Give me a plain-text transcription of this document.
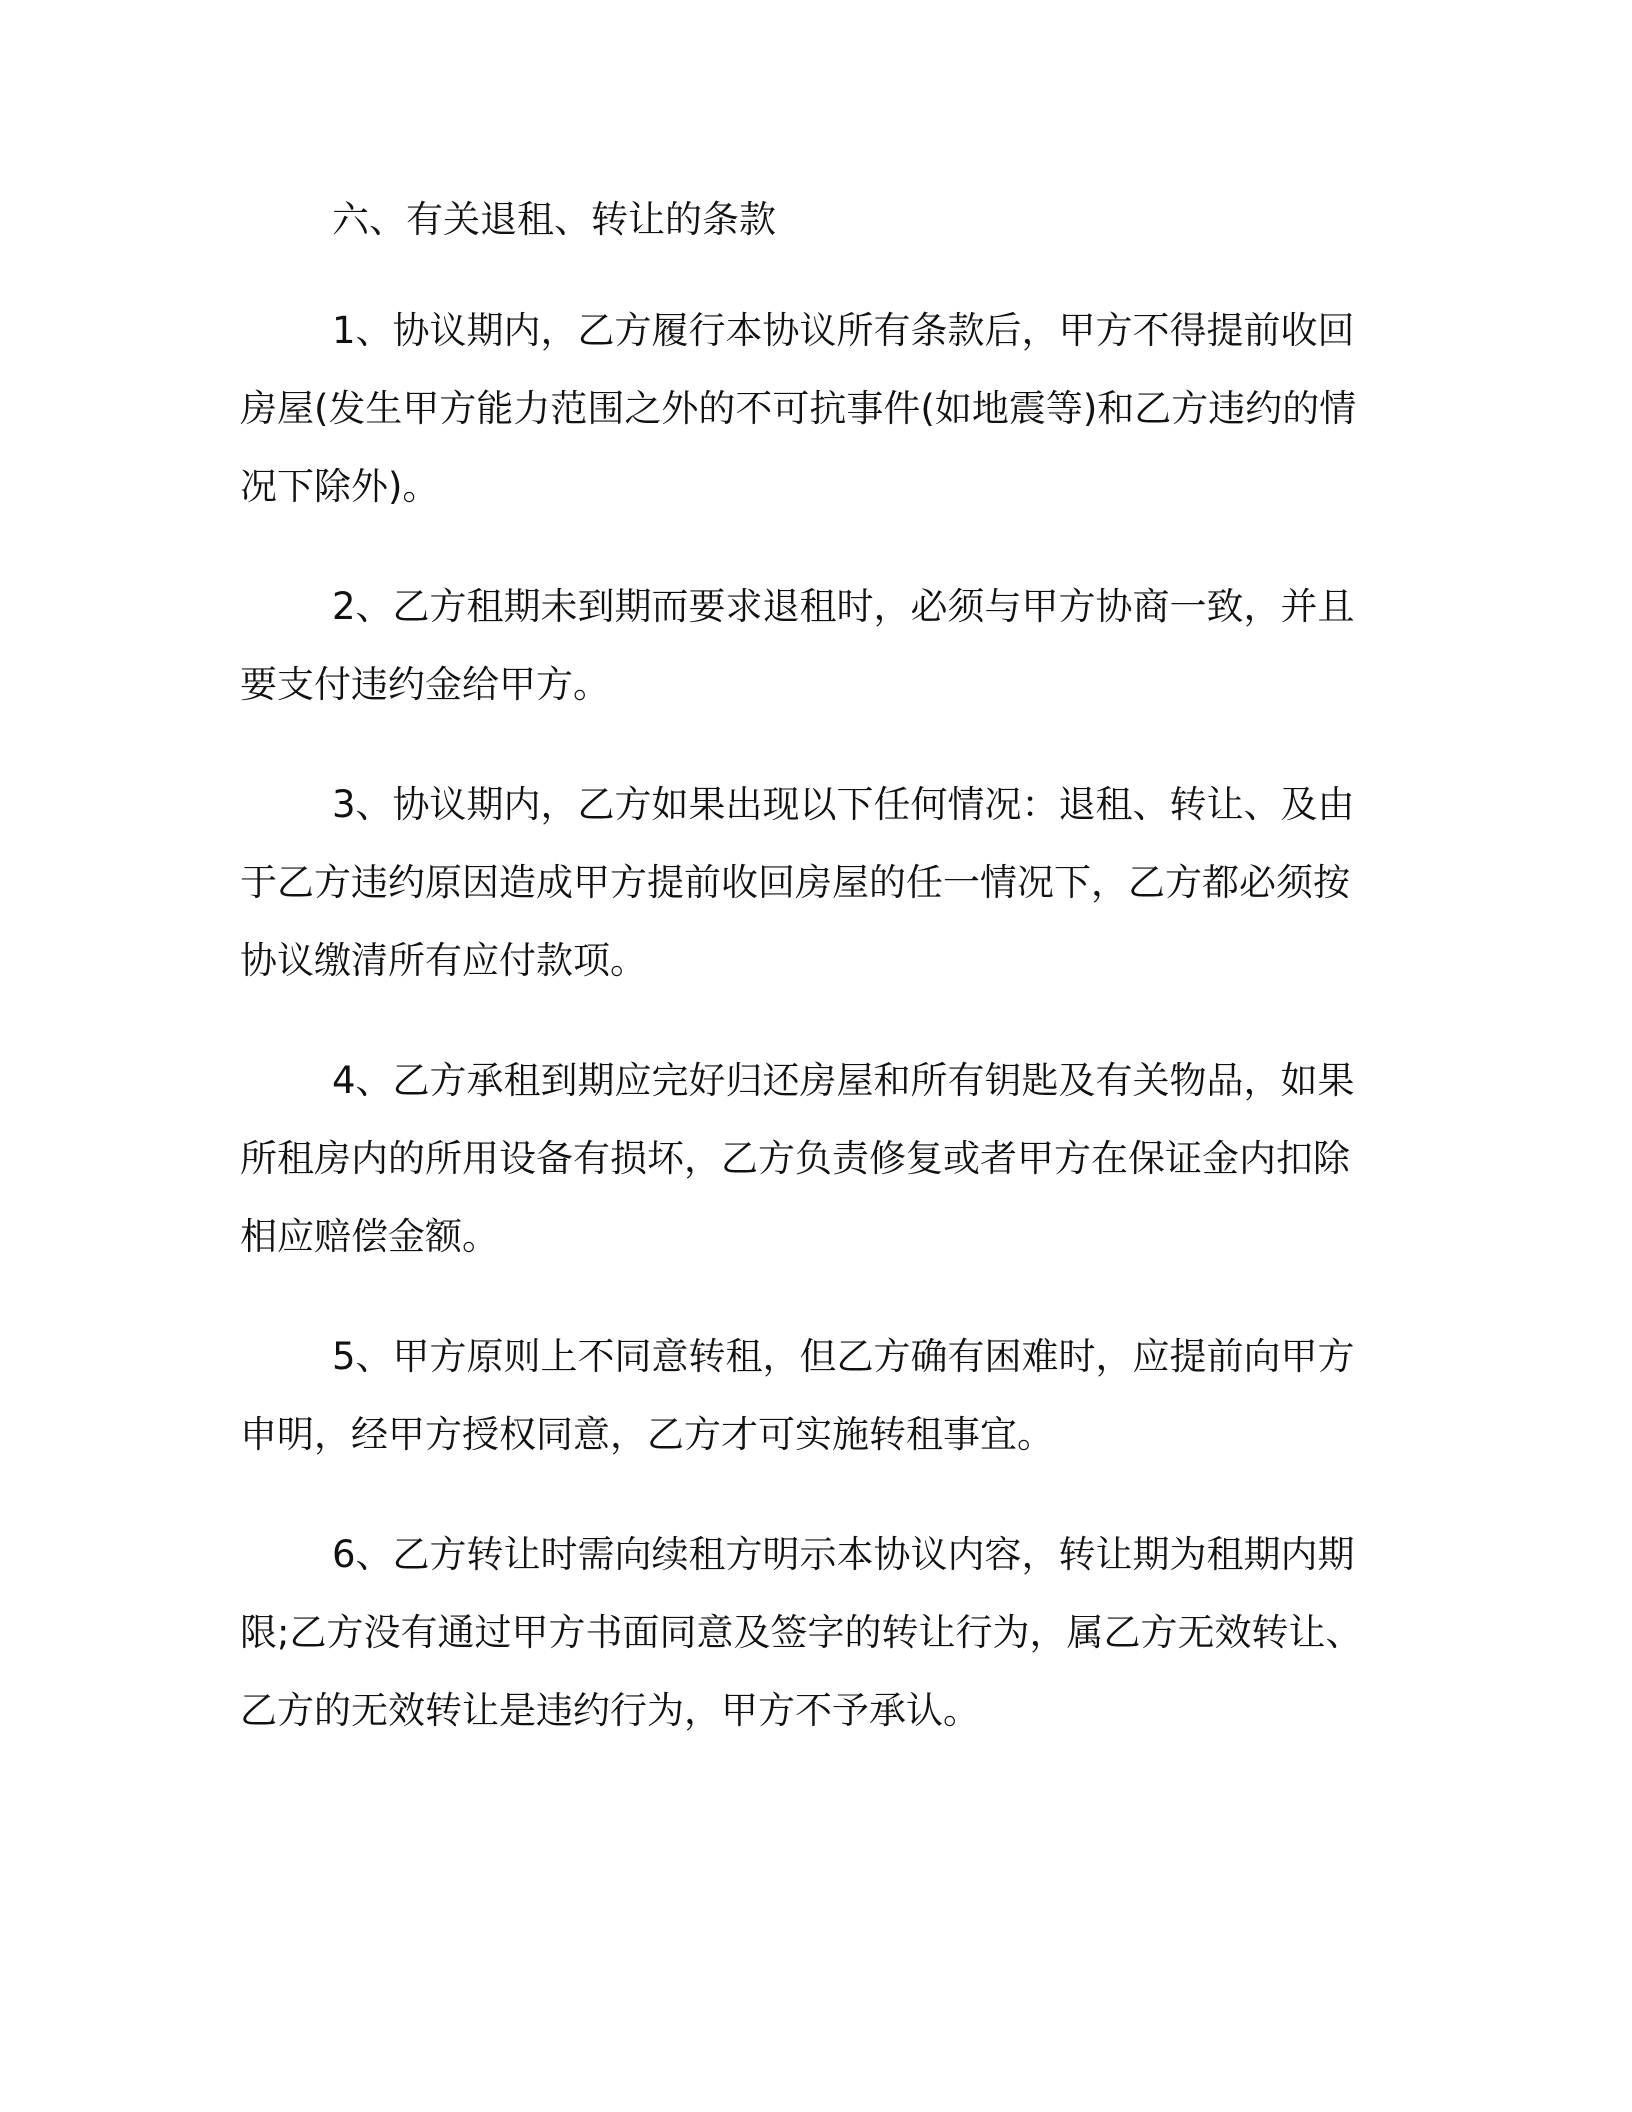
六、有关退租、转让的条款

1、协议期内，乙方履行本协议所有条款后，甲方不得提前收回房屋(发生甲方能力范围之外的不可抗事件(如地震等)和乙方违约的情况下除外)。

2、乙方租期未到期而要求退租时，必须与甲方协商一致，并且要支付违约金给甲方。

3、协议期内，乙方如果出现以下任何情况：退租、转让、及由于乙方违约原因造成甲方提前收回房屋的任一情况下，乙方都必须按协议缴清所有应付款项。

4、乙方承租到期应完好归还房屋和所有钥匙及有关物品，如果所租房内的所用设备有损坏，乙方负责修复或者甲方在保证金内扣除相应赔偿金额。

5、甲方原则上不同意转租，但乙方确有困难时，应提前向甲方申明，经甲方授权同意，乙方才可实施转租事宜。

6、乙方转让时需向续租方明示本协议内容，转让期为租期内期限;乙方没有通过甲方书面同意及签字的转让行为，属乙方无效转让、乙方的无效转让是违约行为，甲方不予承认。
